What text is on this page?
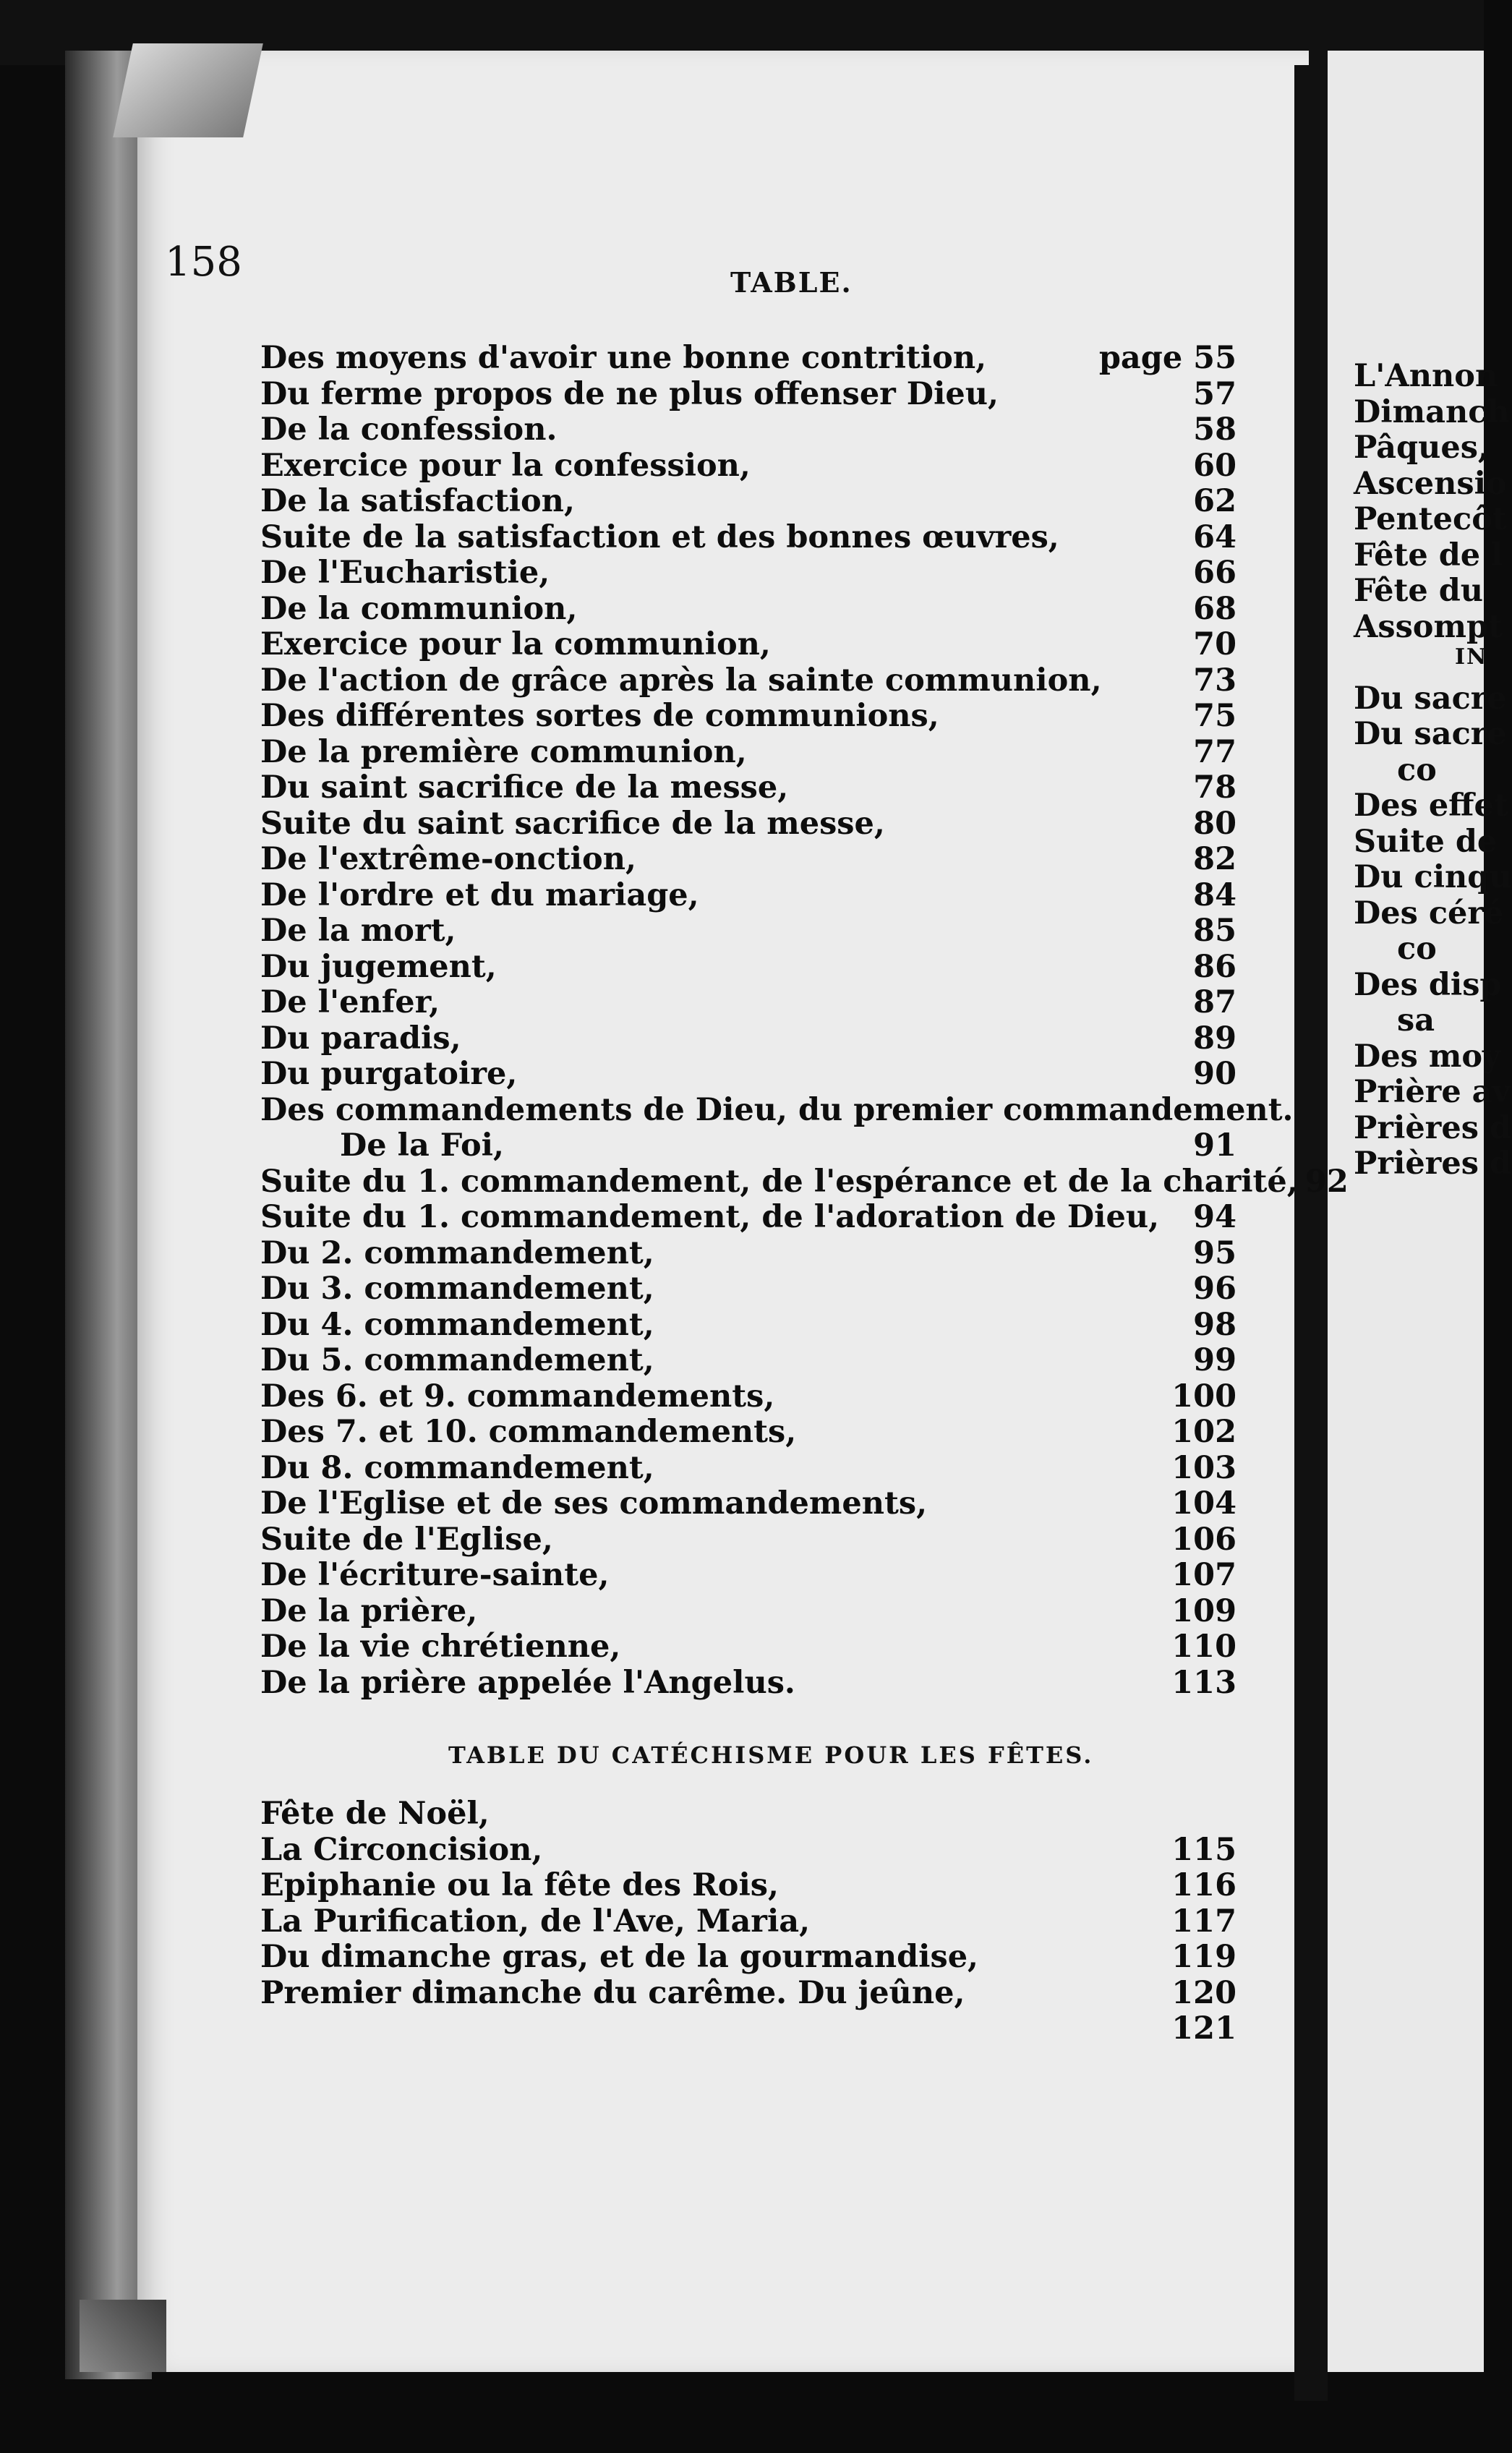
158	TABLE.
Des moyens d'avoir une bonne contrition,	page 55
Du ferme propos de ne plus offenser Dieu,	57
De la confession.	58
Exercice pour la confession,	60
De la satisfaction,	62
Suite de la satisfaction et des bonnes œuvres,	64
De l'Eucharistie,	66
De la communion,	68
Exercice pour la communion,	70
De l'action de grâce après la sainte communion,	73
Des différentes sortes de communions,	75
De la première communion,	77
Du saint sacrifice de la messe,	78
Suite du saint sacrifice de la messe,	80
De l'extrême-onction,	82
De l'ordre et du mariage,	84
De la mort,	85
Du jugement,	86
De l'enfer,	87
Du paradis,	89
Du purgatoire,	90
Des commandements de Dieu, du premier commandement.
De la Foi,	91
Suite du 1. commandement, de l'espérance et de la charité, 92
Suite du 1. commandement, de l'adoration de Dieu,	94
Du 2. commandement,	95
Du 3. commandement,	96
Du 4. commandement,	98
Du 5. commandement,	99
Des 6. et 9. commandements,	100
Des 7. et 10. commandements,	102
Du 8. commandement,	103
De l'Eglise et de ses commandements,	104
Suite de l'Eglise,	106
De l'écriture-sainte,	107
De la prière,	109
De la vie chrétienne,	110
De la prière appelée l'Angelus.	113
TABLE DU CATÉCHISME POUR LES FÊTES.
Fête de Noël,
La Circoncision,	115
Epiphanie ou la fête des Rois,	116
La Purification, de l'Ave, Maria,	117
Du dimanche gras, et de la gourmandise,	119
Premier dimanche du carême. Du jeûne,	120
121
L'Annon
Dimanch
Pâques,
Ascensio
Pentecôt
Fête de l
Fête du
Assompt
IN
Du sacre
Du sacre
co
Des effet
Suite de
Du cinqu
Des céré
co
Des disp
sa
Des moy
Prière av
Prières d
Prières d
